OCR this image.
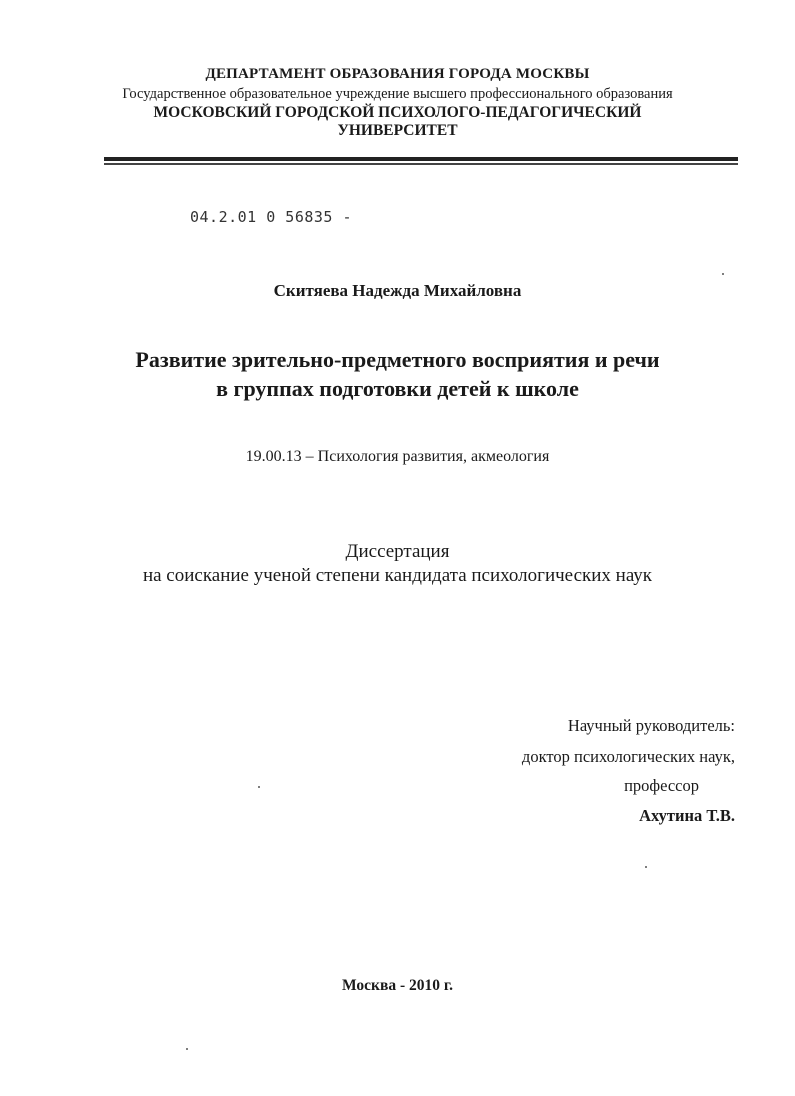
ДЕПАРТАМЕНТ ОБРАЗОВАНИЯ ГОРОДА МОСКВЫ
Государственное образовательное учреждение высшего профессионального образования
МОСКОВСКИЙ ГОРОДСКОЙ ПСИХОЛОГО-ПЕДАГОГИЧЕСКИЙ
УНИВЕРСИТЕТ
04.2.01 0 56835 -
Скитяева Надежда Михайловна
Развитие зрительно-предметного восприятия и речи
в группах подготовки детей к школе
19.00.13 – Психология развития, акмеология
Диссертация
на соискание ученой степени кандидата психологических наук
Научный руководитель:
доктор психологических наук,
профессор
Ахутина Т.В.
Москва - 2010 г.
